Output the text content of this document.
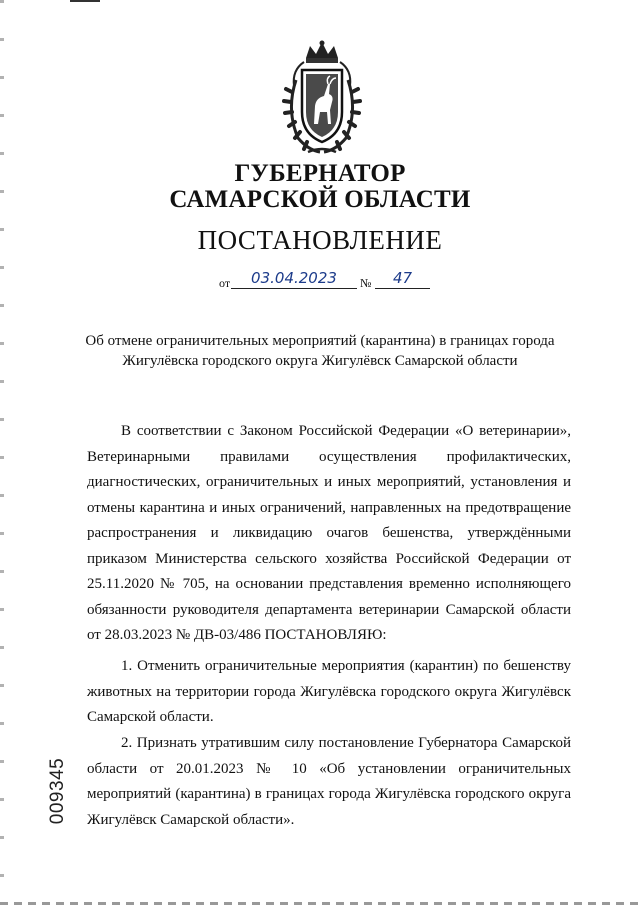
ГУБЕРНАТОР
САМАРСКОЙ ОБЛАСТИ
ПОСТАНОВЛЕНИЕ
от	03.04.2023	№	47
Об отмене ограничительных мероприятий (карантина) в границах города Жигулёвска городского округа Жигулёвск Самарской области
В соответствии с Законом Российской Федерации «О ветеринарии», Ветеринарными правилами осуществления профилактических, диагностических, ограничительных и иных мероприятий, установления и отмены карантина и иных ограничений, направленных на предотвращение распространения и ликвидацию очагов бешенства, утверждёнными приказом Министерства сельского хозяйства Российской Федерации от 25.11.2020 № 705, на основании представления временно исполняющего обязанности руководителя департамента ветеринарии Самарской области от 28.03.2023 № ДВ-03/486 ПОСТАНОВЛЯЮ:
1. Отменить ограничительные мероприятия (карантин) по бешенству животных на территории города Жигулёвска городского округа Жигулёвск Самарской области.
2. Признать утратившим силу постановление Губернатора Самарской области от 20.01.2023 № 10 «Об установлении ограничительных мероприятий (карантина) в границах города Жигулёвска городского округа Жигулёвск Самарской области».
009345
